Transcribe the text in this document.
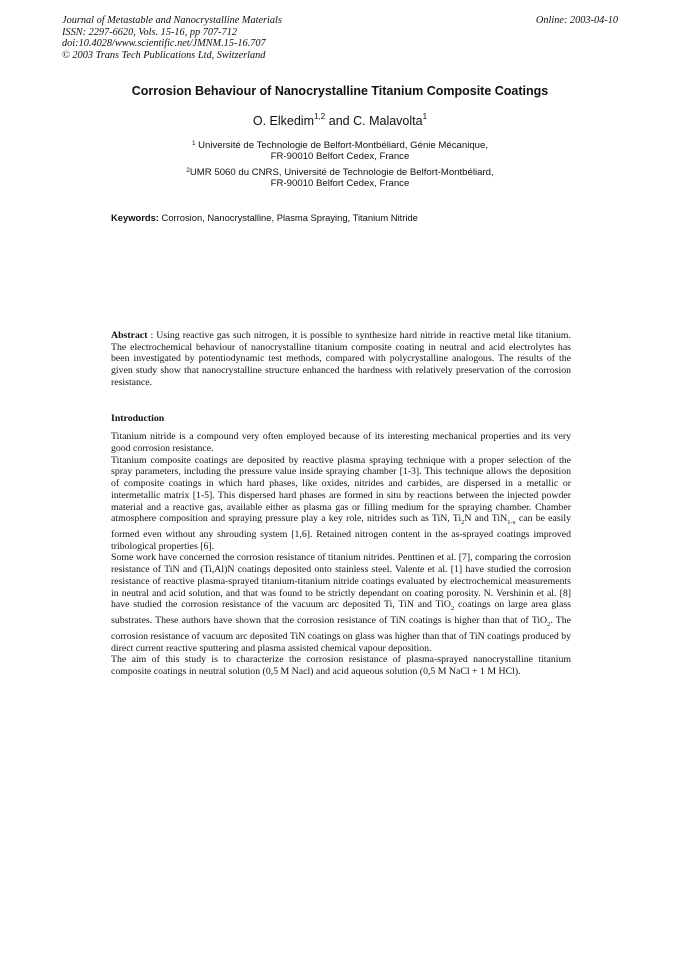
Journal of Metastable and Nanocrystalline Materials
ISSN: 2297-6620, Vols. 15-16, pp 707-712
doi:10.4028/www.scientific.net/JMNM.15-16.707
© 2003 Trans Tech Publications Ltd, Switzerland
Online: 2003-04-10
Corrosion Behaviour of Nanocrystalline Titanium Composite Coatings
O. Elkedim$^{1,2}$ and C. Malavolta$^1$
$^1$ Université de Technologie de Belfort-Montbéliard, Génie Mécanique,
FR-90010 Belfort Cedex, France
$^2$UMR 5060 du CNRS, Université de Technologie de Belfort-Montbéliard,
FR-90010 Belfort Cedex, France
Keywords: Corrosion, Nanocrystalline, Plasma Spraying, Titanium Nitride
Abstract : Using reactive gas such nitrogen, it is possible to synthesize hard nitride in reactive metal like titanium. The electrochemical behaviour of nanocrystalline titanium composite coating in neutral and acid electrolytes has been investigated by potentiodynamic test methods, compared with polycrystalline analogous. The results of the given study show that nanocrystalline structure enhanced the hardness with relatively preservation of the corrosion resistance.
Introduction

Titanium nitride is a compound very often employed because of its interesting mechanical properties and its very good corrosion resistance.

Titanium composite coatings are deposited by reactive plasma spraying technique with a proper selection of the spray parameters, including the pressure value inside spraying chamber [1-3]. This technique allows the deposition of composite coatings in which hard phases, like oxides, nitrides and carbides, are dispersed in a metallic or intermetallic matrix [1-5]. This dispersed hard phases are formed in situ by reactions between the injected powder material and a reactive gas, available either as plasma gas or filling medium for the spraying chamber. Chamber atmosphere composition and spraying pressure play a key role, nitrides such as TiN, $Ti_2N$ and TiN$_{1-x}$ can be easily formed even without any shrouding system [1,6]. Retained nitrogen content in the as-sprayed coatings improved tribological properties [6].

Some work have concerned the corrosion resistance of titanium nitrides. Penttinen et al. [7], comparing the corrosion resistance of TiN and (Ti,Al)N coatings deposited onto stainless steel. Valente et al. [1] have studied the corrosion resistance of reactive plasma-sprayed titanium-titanium nitride coatings evaluated by electrochemical measurements in neutral and acid solution, and that was found to be strictly dependant on coating porosity. N. Vershinin et al. [8] have studied the corrosion resistance of the vacuum arc deposited Ti, TiN and TiO$_2$ coatings on large area glass substrates. These authors have shown that the corrosion resistance of TiN coatings is higher than that of TiO$_2$. The corrosion resistance of vacuum arc deposited TiN coatings on glass was higher than that of TiN coatings produced by direct current reactive sputtering and plasma assisted chemical vapour deposition.

The aim of this study is to characterize the corrosion resistance of plasma-sprayed nanocrystalline titanium composite coatings in neutral solution (0,5 M Nacl) and acid aqueous solution (0,5 M NaCl + 1 M HCl).
